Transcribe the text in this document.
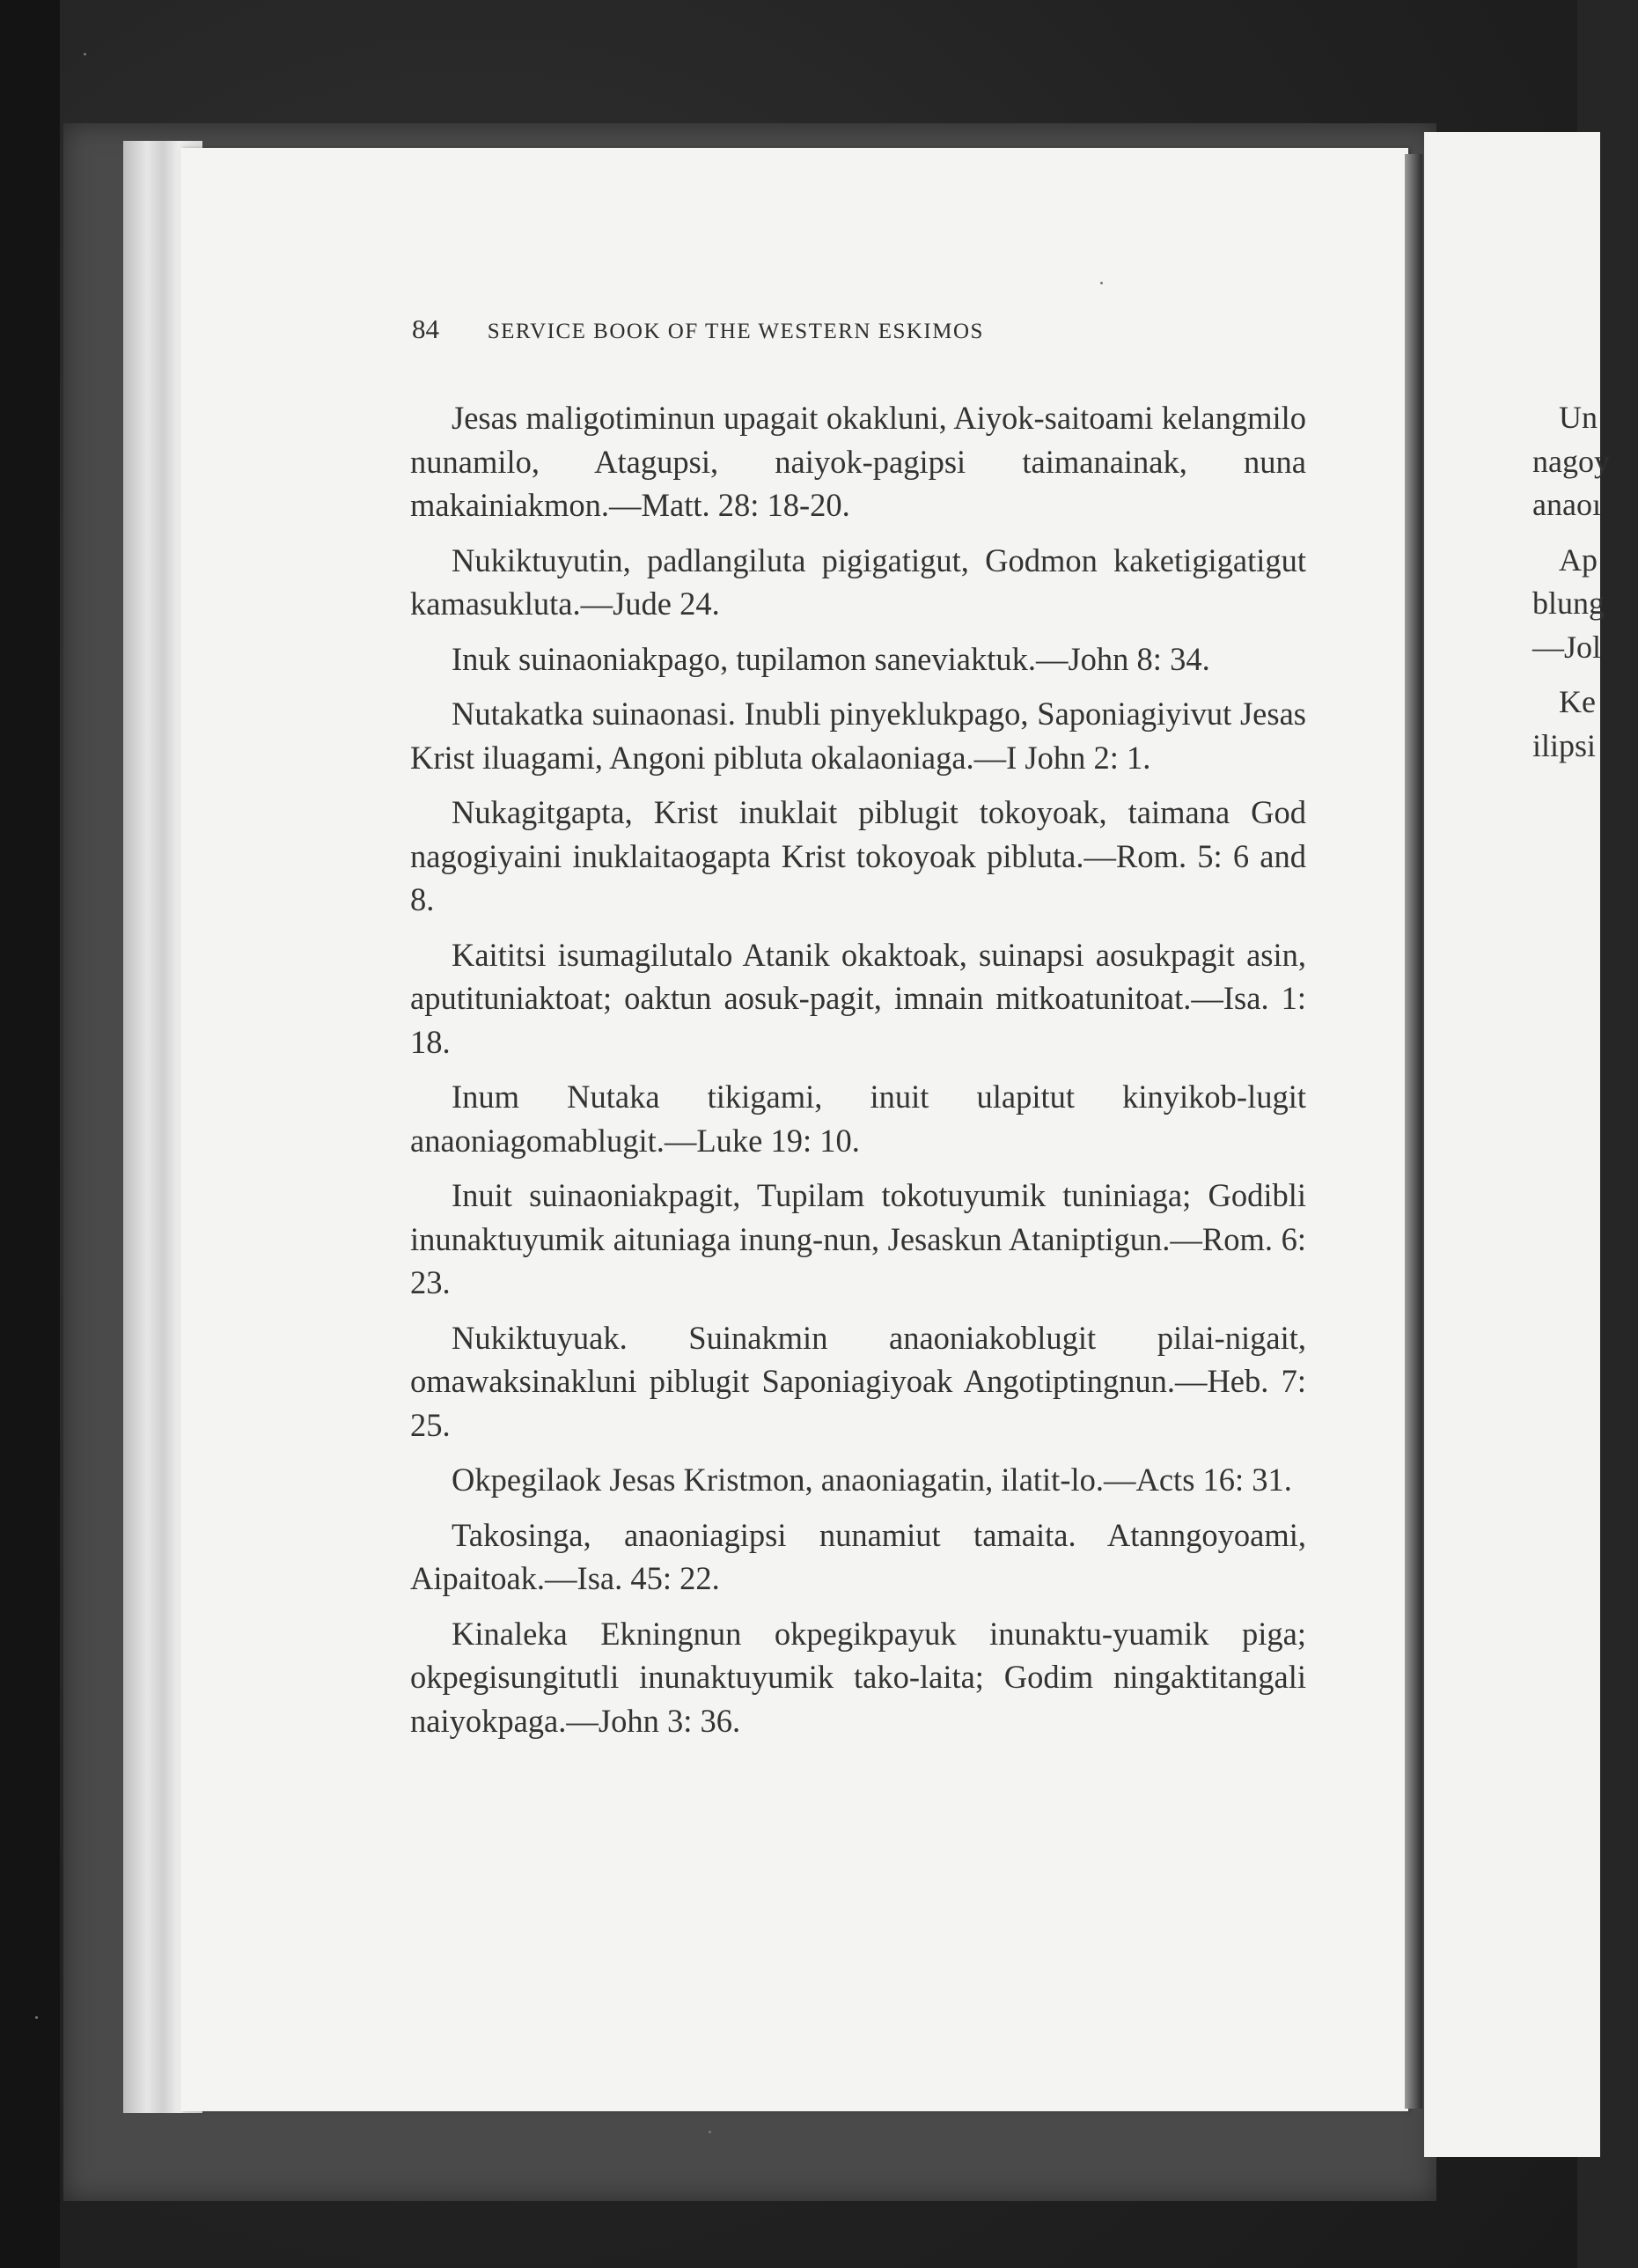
84 SERVICE BOOK OF THE WESTERN ESKIMOS

Jesas maligotiminun upagait okakluni, Aiyok-saitoami kelangmilo nunamilo, Atagupsi, naiyok-pagipsi taimanainak, nuna makainiakmon.—Matt. 28: 18-20.

Nukiktuyutin, padlangiluta pigigatigut, Godmon kaketigigatigut kamasukluta.—Jude 24.

Inuk suinaoniakpago, tupilamon saneviaktuk.—John 8: 34.

Nutakatka suinaonasi. Inubli pinyeklukpago, Saponiagiyivut Jesas Krist iluagami, Angoni pibluta okalaoniaga.—I John 2: 1.

Nukagitgapta, Krist inuklait piblugit tokoyoak, taimana God nagogiyaini inuklaitaogapta Krist tokoyoak pibluta.—Rom. 5: 6 and 8.

Kaititsi isumagilutalo Atanik okaktoak, suinapsi aosukpagit asin, aputituniaktoat; oaktun aosuk-pagit, imnain mitkoatunitoat.—Isa. 1: 18.

Inum Nutaka tikigami, inuit ulapitut kinyikob-lugit anaoniagomablugit.—Luke 19: 10.

Inuit suinaoniakpagit, Tupilam tokotuyumik tuniniaga; Godibli inunaktuyumik aituniaga inung-nun, Jesaskun Ataniptigun.—Rom. 6: 23.

Nukiktuyuak. Suinakmin anaoniakoblugit pilai-nigait, omawaksinakluni piblugit Saponiagiyoak Angotiptingnun.—Heb. 7: 25.

Okpegilaok Jesas Kristmon, anaoniagatin, ilatit-lo.—Acts 16: 31.

Takosinga, anaoniagipsi nunamiut tamaita. Atanngoyoami, Aipaitoak.—Isa. 45: 22.

Kinaleka Ekningnun okpegikpayuk inunaktu-yuamik piga; okpegisungitutli inunaktuyumik tako-laita; Godim ningaktitangali naiyokpaga.—John 3: 36.

Un
nagoy
anaoı
Ap
blung
—Jol
Ke
ilipsi
